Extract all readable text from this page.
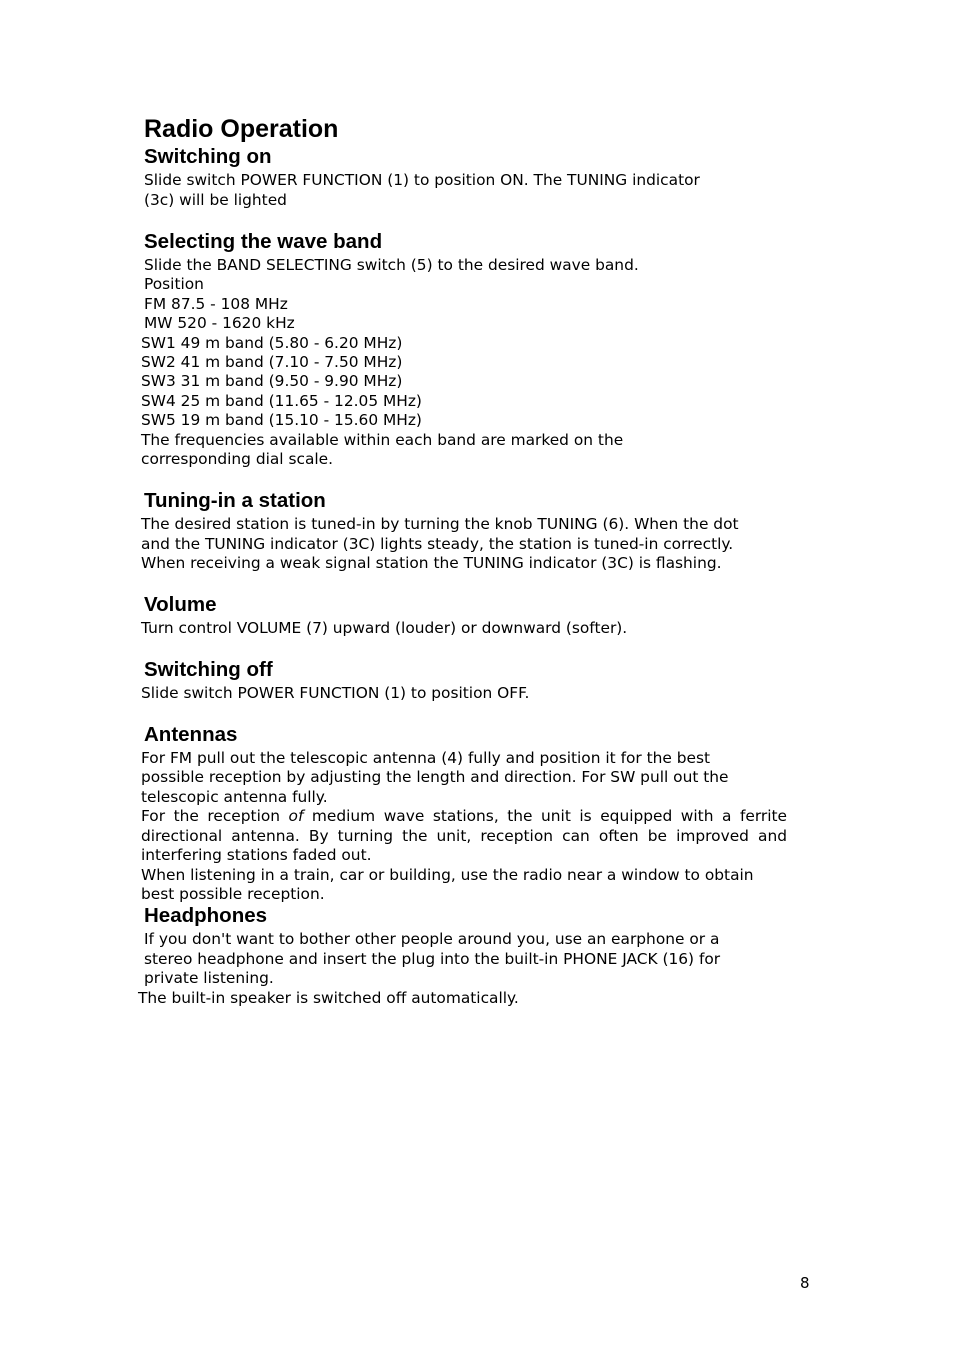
Radio Operation
Switching on

Slide switch POWER FUNCTION (1) to position ON. The TUNING indicator

(3c) will be lighted

Selecting the wave band

Slide the BAND SELECTING switch (5) to the desired wave band.

Position

FM 87.5 - 108 MHz

MW 520 - 1620 kHz

SW1 49 m band (5.80 - 6.20 MHz)

SW2 41 m band (7.10 - 7.50 MHz)

SW3 31 m band (9.50 - 9.90 MHz)

SW4 25 m band (11.65 - 12.05 MHz)

SW5 19 m band (15.10 - 15.60 MHz)

The frequencies available within each band are marked on the

corresponding dial scale.

Tuning-in a station

The desired station is tuned-in by turning the knob TUNING (6). When the dot

and the TUNING indicator (3C) lights steady, the station is tuned-in correctly.

When receiving a weak signal station the TUNING indicator (3C) is flashing.

Volume

Turn control VOLUME (7) upward (louder) or downward (softer).

Switching off

Slide switch POWER FUNCTION (1) to position OFF.

Antennas

For FM pull out the telescopic antenna (4) fully and position it for the best

possible reception by adjusting the length and direction. For SW pull out the

telescopic antenna fully.

For the reception of medium wave stations, the unit is equipped with a ferrite

directional antenna. By turning the unit, reception can often be improved and

interfering stations faded out.

When listening in a train, car or building, use the radio near a window to obtain

best possible reception.

Headphones

If you don't want to bother other people around you, use an earphone or a

stereo headphone and insert the plug into the built-in PHONE JACK (16) for

private listening.

The built-in speaker is switched off automatically.

8
